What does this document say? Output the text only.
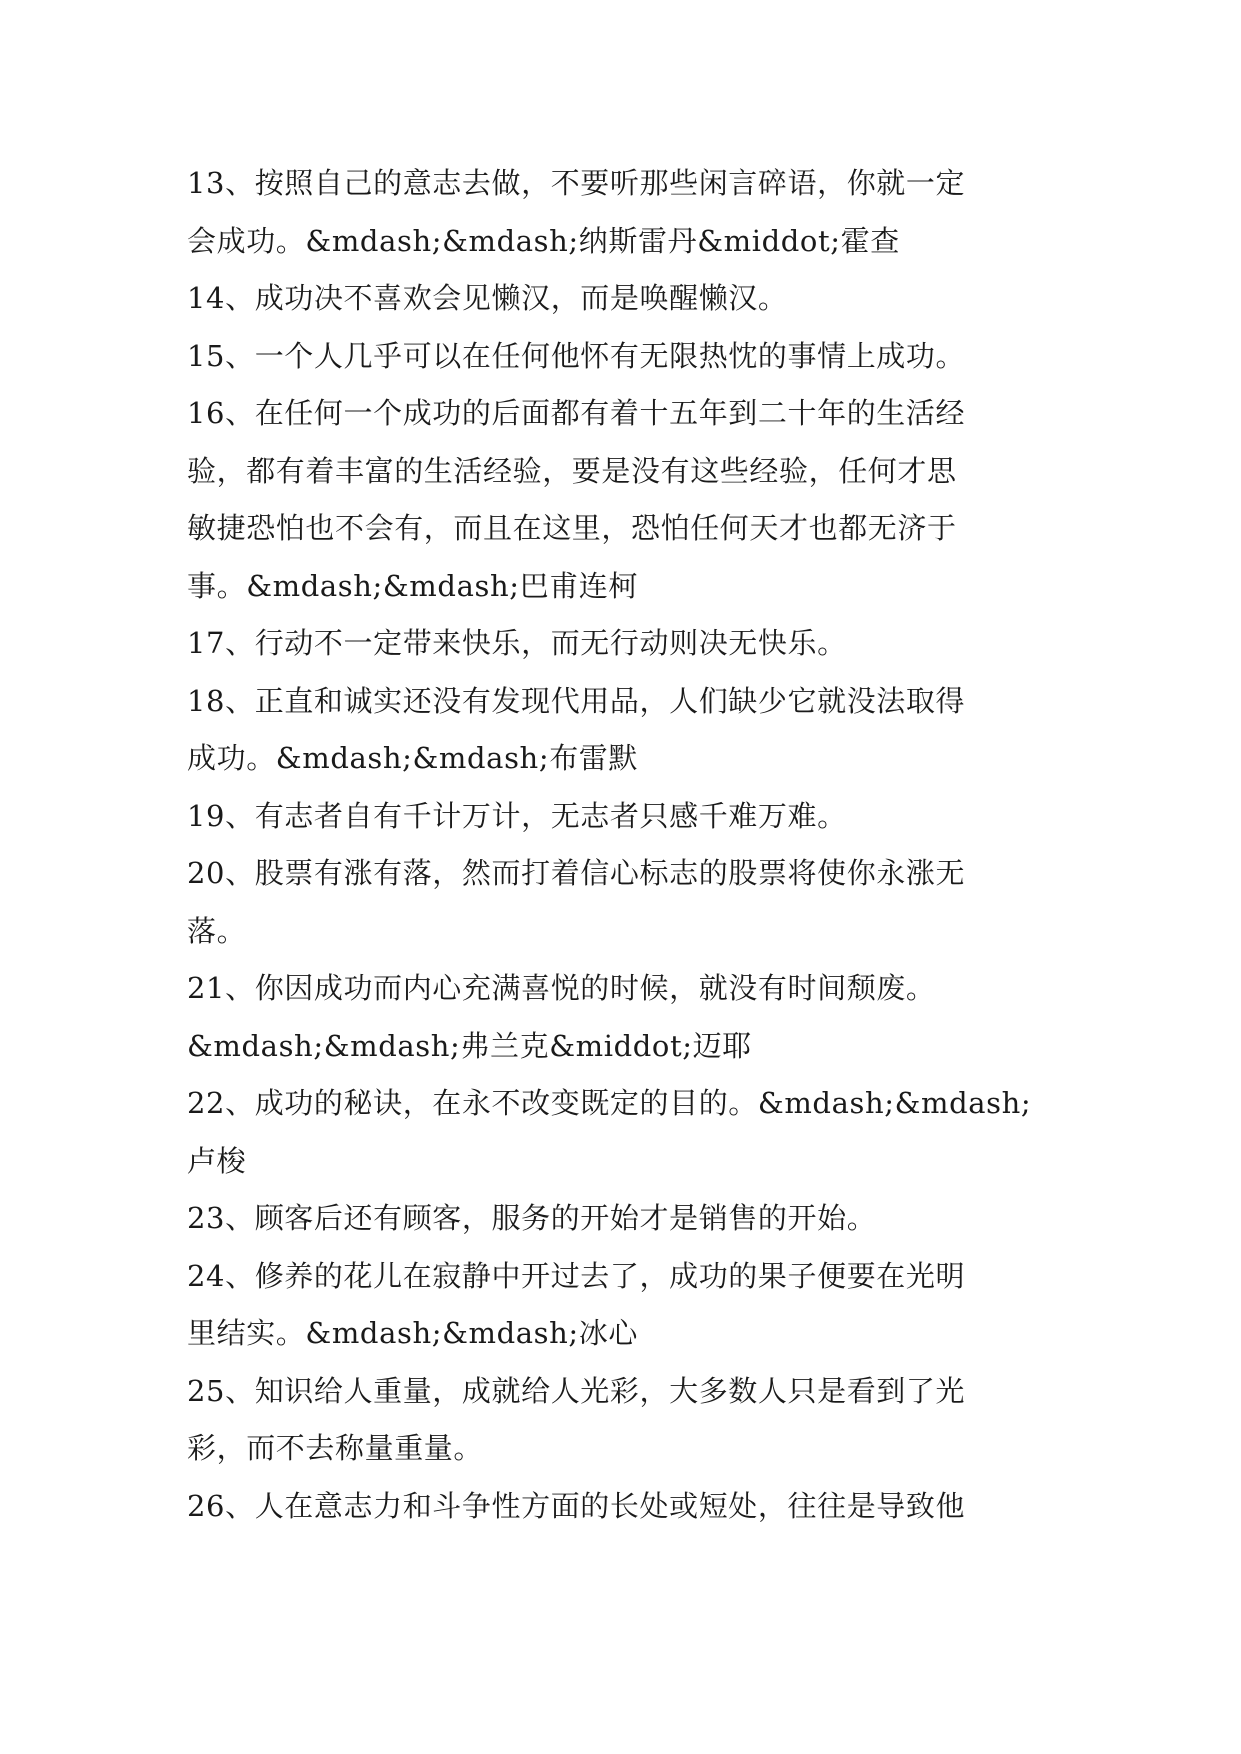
13、按照自己的意志去做，不要听那些闲言碎语，你就一定
会成功。&mdash;&mdash;纳斯雷丹&middot;霍查
14、成功决不喜欢会见懒汉，而是唤醒懒汉。
15、一个人几乎可以在任何他怀有无限热忱的事情上成功。
16、在任何一个成功的后面都有着十五年到二十年的生活经
验，都有着丰富的生活经验，要是没有这些经验，任何才思
敏捷恐怕也不会有，而且在这里，恐怕任何天才也都无济于
事。&mdash;&mdash;巴甫连柯
17、行动不一定带来快乐，而无行动则决无快乐。
18、正直和诚实还没有发现代用品，人们缺少它就没法取得
成功。&mdash;&mdash;布雷默
19、有志者自有千计万计，无志者只感千难万难。
20、股票有涨有落，然而打着信心标志的股票将使你永涨无
落。
21、你因成功而内心充满喜悦的时候，就没有时间颓废。
&mdash;&mdash;弗兰克&middot;迈耶
22、成功的秘诀，在永不改变既定的目的。&mdash;&mdash;
卢梭
23、顾客后还有顾客，服务的开始才是销售的开始。
24、修养的花儿在寂静中开过去了，成功的果子便要在光明
里结实。&mdash;&mdash;冰心
25、知识给人重量，成就给人光彩，大多数人只是看到了光
彩，而不去称量重量。
26、人在意志力和斗争性方面的长处或短处，往往是导致他
